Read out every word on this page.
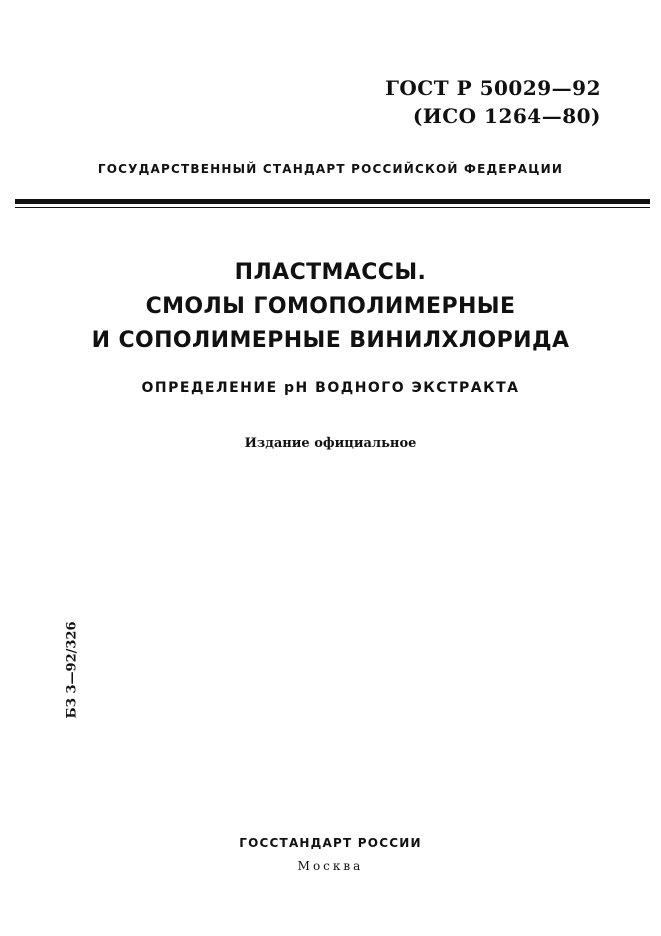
ГОСТ Р 50029—92
(ИСО 1264—80)
ГОСУДАРСТВЕННЫЙ СТАНДАРТ РОССИЙСКОЙ ФЕДЕРАЦИИ
ПЛАСТМАССЫ.
СМОЛЫ ГОМОПОЛИМЕРНЫЕ
И СОПОЛИМЕРНЫЕ ВИНИЛХЛОРИДА
ОПРЕДЕЛЕНИЕ pH ВОДНОГО ЭКСТРАКТА
Издание официальное
БЗ 3—92/326
ГОССТАНДАРТ РОССИИ
Москва
